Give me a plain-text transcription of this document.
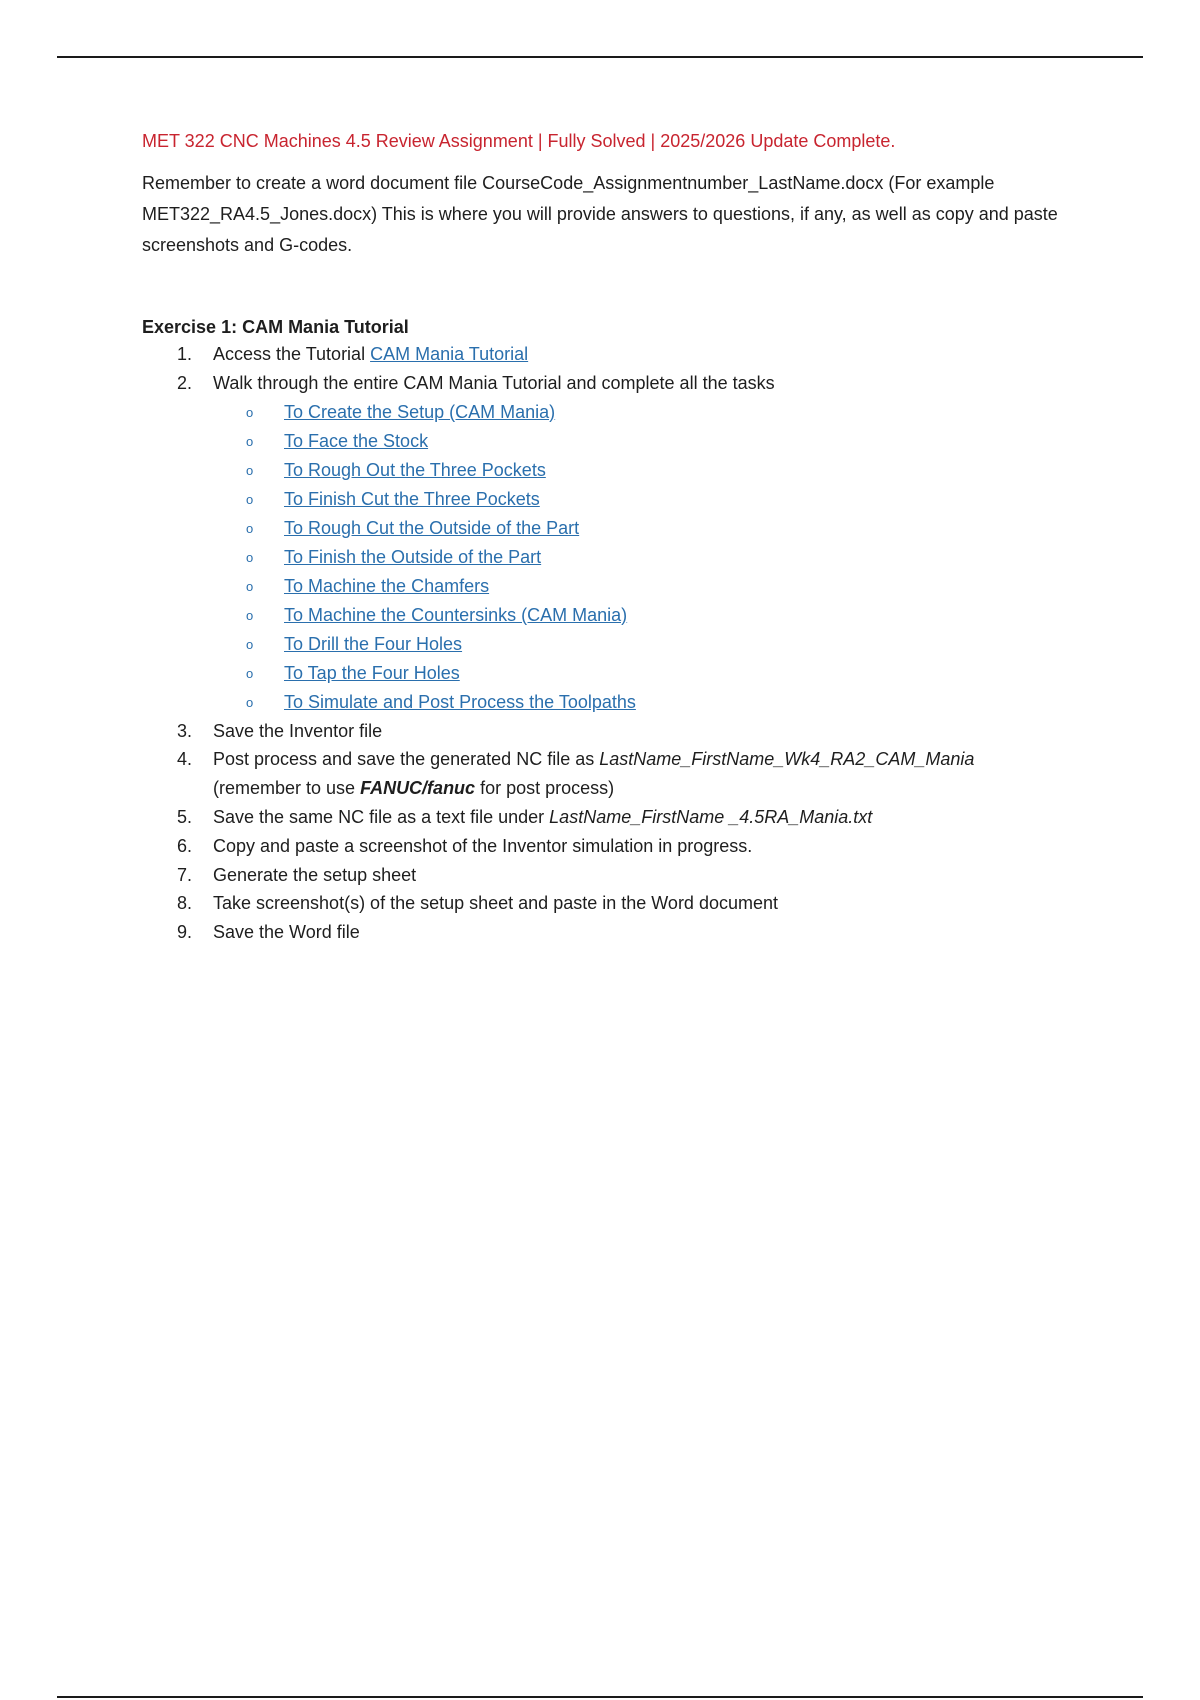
MET 322 CNC Machines 4.5 Review Assignment | Fully Solved | 2025/2026 Update Complete.

Remember to create a word document file CourseCode_Assignmentnumber_LastName.docx (For example MET322_RA4.5_Jones.docx) This is where you will provide answers to questions, if any, as well as copy and paste screenshots and G-codes.

Exercise 1: CAM Mania Tutorial
1.	Access the Tutorial CAM Mania Tutorial
2.	Walk through the entire CAM Mania Tutorial and complete all the tasks
o To Create the Setup (CAM Mania)
o To Face the Stock
o To Rough Out the Three Pockets
o To Finish Cut the Three Pockets
o To Rough Cut the Outside of the Part
o To Finish the Outside of the Part
o To Machine the Chamfers
o To Machine the Countersinks (CAM Mania)
o To Drill the Four Holes
o To Tap the Four Holes
o To Simulate and Post Process the Toolpaths
3.	Save the Inventor file
4.	Post process and save the generated NC file as LastName_FirstName_Wk4_RA2_CAM_Mania
(remember to use FANUC/fanuc for post process)
5.	Save the same NC file as a text file under LastName_FirstName _4.5RA_Mania.txt
6.	Copy and paste a screenshot of the Inventor simulation in progress.
7.	Generate the setup sheet
8.	Take screenshot(s) of the setup sheet and paste in the Word document
9.	Save the Word file
